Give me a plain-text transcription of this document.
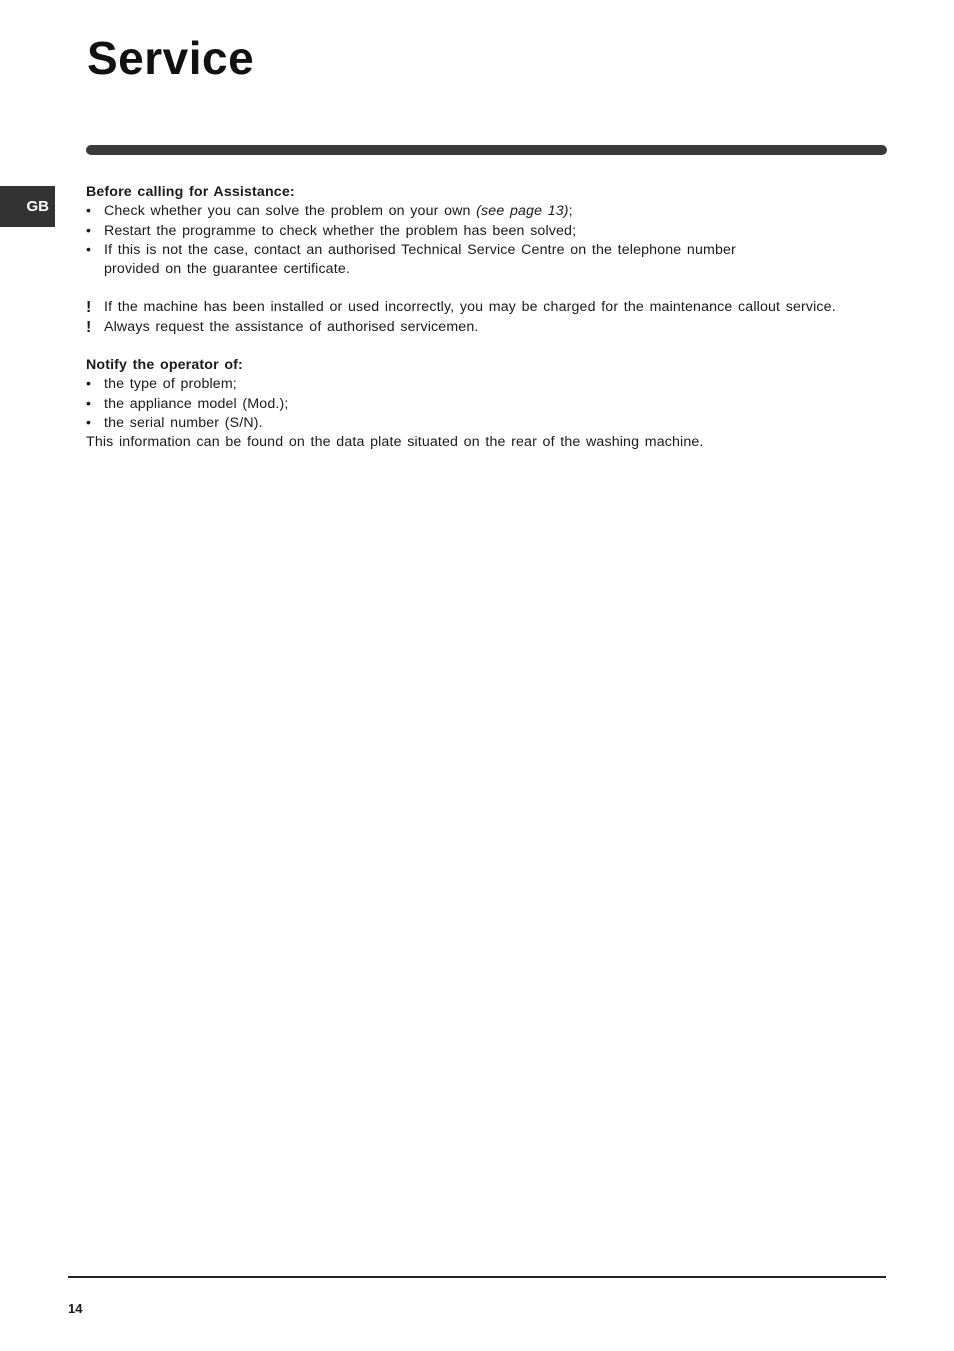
Service
GB

Before calling for Assistance:

• Check whether you can solve the problem on your own (see page 13);
• Restart the programme to check whether the problem has been solved;
• If this is not the case, contact an authorised Technical Service Centre on the telephone number
provided on the guarantee certificate.
! If the machine has been installed or used incorrectly, you may be charged for the maintenance callout service.
! Always request the assistance of authorised servicemen.

Notify the operator of:

• the type of problem;
• the appliance model (Mod.);
• the serial number (S/N).

This information can be found on the data plate situated on the rear of the washing machine.

14
